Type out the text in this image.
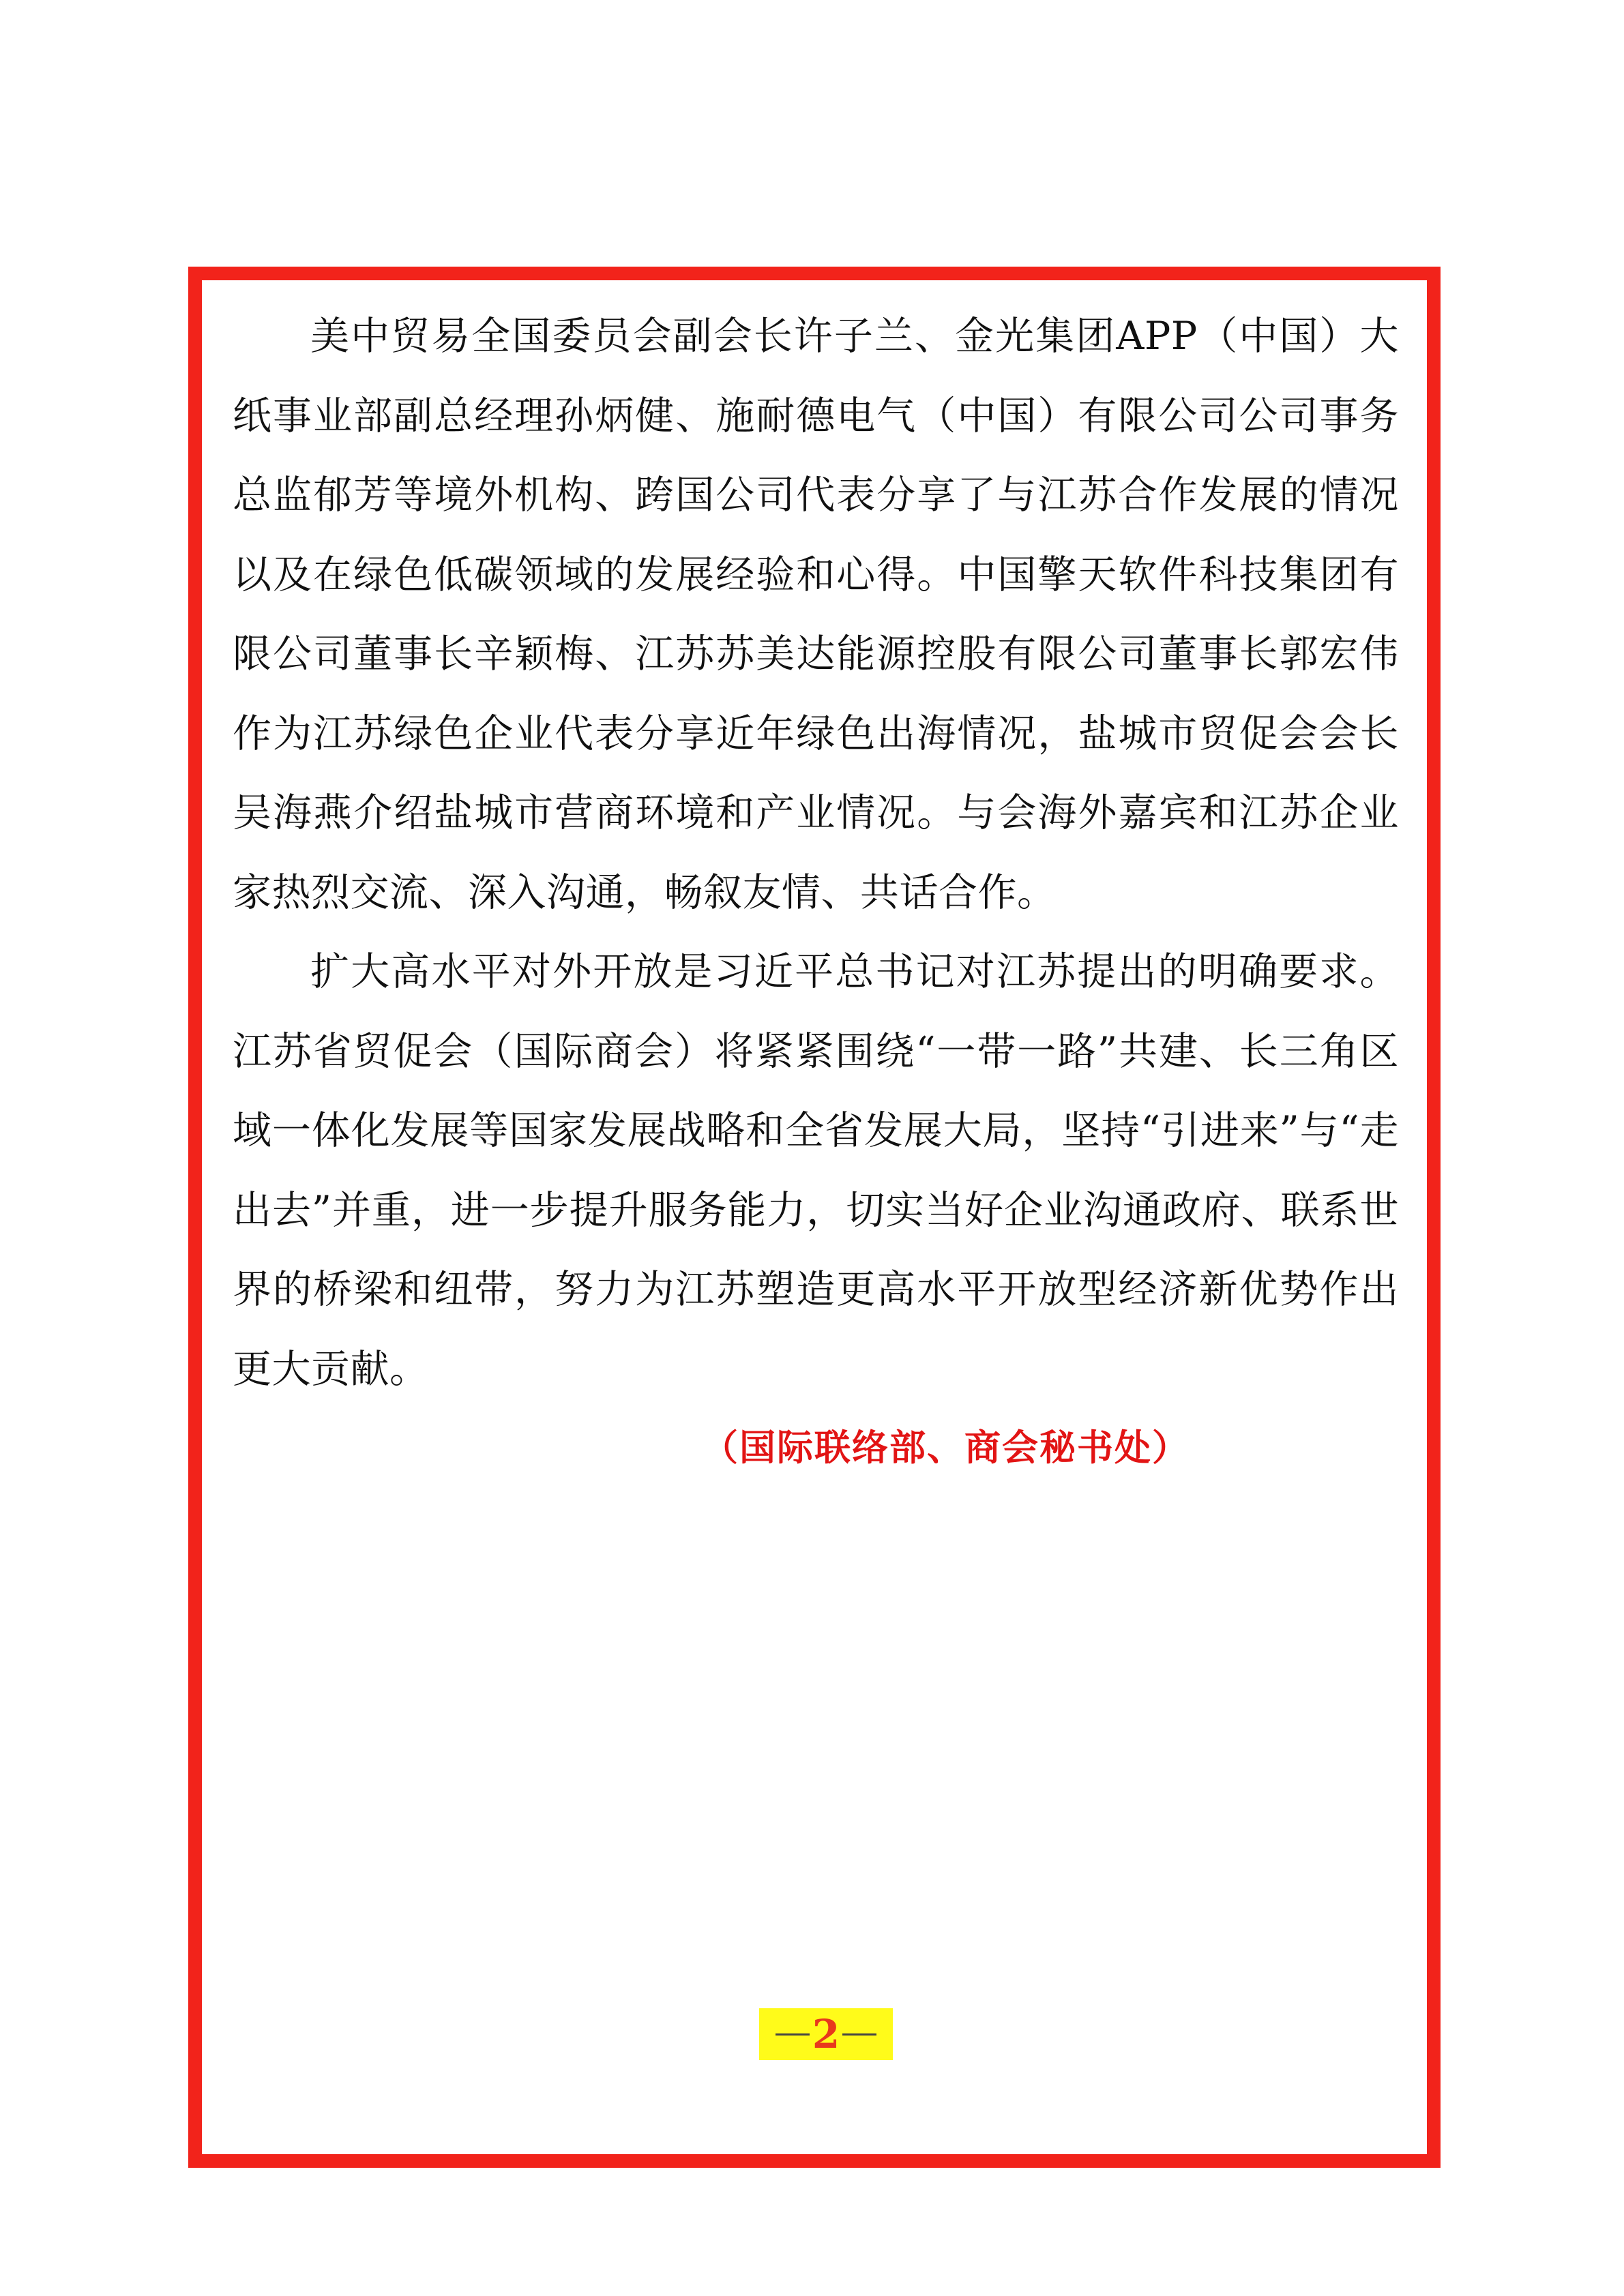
美中贸易全国委员会副会长许子兰、金光集团APP（中国）大纸事业部副总经理孙炳健、施耐德电气（中国）有限公司公司事务总监郁芳等境外机构、跨国公司代表分享了与江苏合作发展的情况以及在绿色低碳领域的发展经验和心得。中国擎天软件科技集团有限公司董事长辛颖梅、江苏苏美达能源控股有限公司董事长郭宏伟作为江苏绿色企业代表分享近年绿色出海情况，盐城市贸促会会长吴海燕介绍盐城市营商环境和产业情况。与会海外嘉宾和江苏企业家热烈交流、深入沟通，畅叙友情、共话合作。

扩大高水平对外开放是习近平总书记对江苏提出的明确要求。江苏省贸促会（国际商会）将紧紧围绕“一带一路”共建、长三角区域一体化发展等国家发展战略和全省发展大局，坚持“引进来”与“走出去”并重，进一步提升服务能力，切实当好企业沟通政府、联系世界的桥梁和纽带，努力为江苏塑造更高水平开放型经济新优势作出更大贡献。

（国际联络部、商会秘书处）

2
